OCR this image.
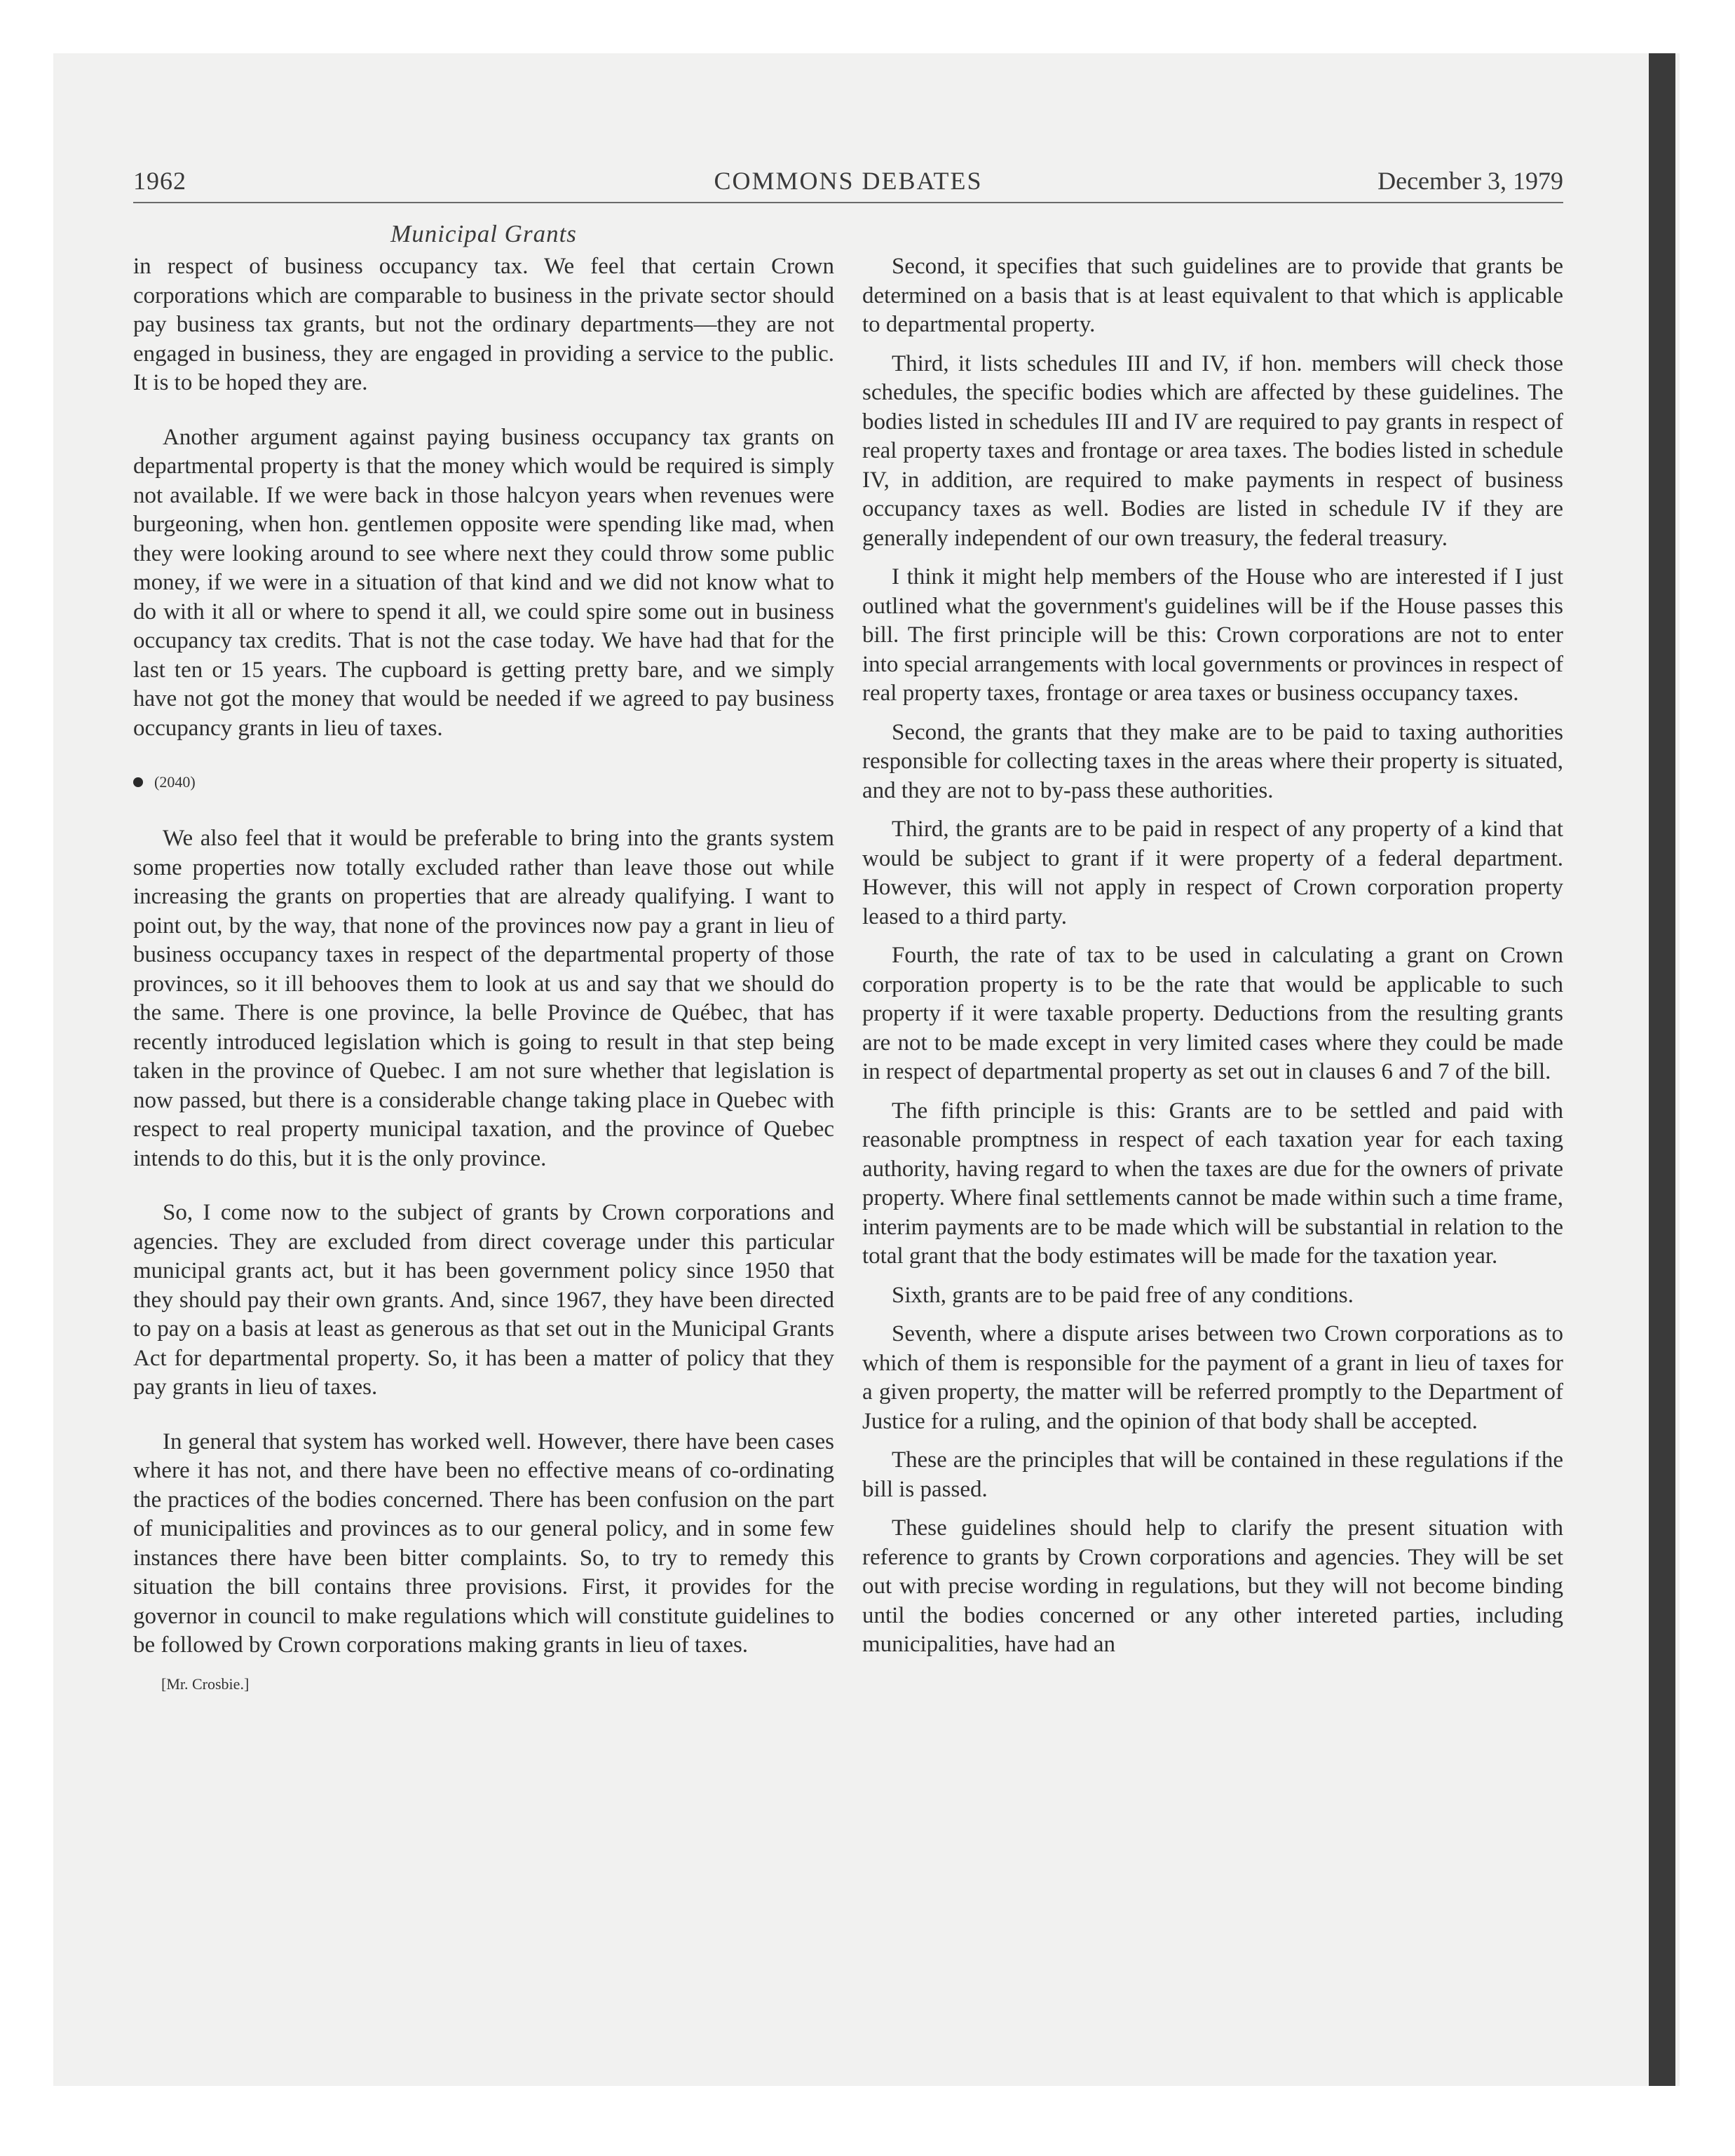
1962	COMMONS DEBATES	December 3, 1979
Municipal Grants

in respect of business occupancy tax. We feel that certain Crown corporations which are comparable to business in the private sector should pay business tax grants, but not the ordinary departments—they are not engaged in business, they are engaged in providing a service to the public. It is to be hoped they are.

Another argument against paying business occupancy tax grants on departmental property is that the money which would be required is simply not available. If we were back in those halcyon years when revenues were burgeoning, when hon. gentlemen opposite were spending like mad, when they were looking around to see where next they could throw some public money, if we were in a situation of that kind and we did not know what to do with it all or where to spend it all, we could spire some out in business occupancy tax credits. That is not the case today. We have had that for the last ten or 15 years. The cupboard is getting pretty bare, and we simply have not got the money that would be needed if we agreed to pay business occupancy grants in lieu of taxes.

(2040)

We also feel that it would be preferable to bring into the grants system some properties now totally excluded rather than leave those out while increasing the grants on properties that are already qualifying. I want to point out, by the way, that none of the provinces now pay a grant in lieu of business occupancy taxes in respect of the departmental property of those provinces, so it ill behooves them to look at us and say that we should do the same. There is one province, la belle Province de Québec, that has recently introduced legislation which is going to result in that step being taken in the province of Quebec. I am not sure whether that legislation is now passed, but there is a considerable change taking place in Quebec with respect to real property municipal taxation, and the province of Quebec intends to do this, but it is the only province.

So, I come now to the subject of grants by Crown corporations and agencies. They are excluded from direct coverage under this particular municipal grants act, but it has been government policy since 1950 that they should pay their own grants. And, since 1967, they have been directed to pay on a basis at least as generous as that set out in the Municipal Grants Act for departmental property. So, it has been a matter of policy that they pay grants in lieu of taxes.

In general that system has worked well. However, there have been cases where it has not, and there have been no effective means of co-ordinating the practices of the bodies concerned. There has been confusion on the part of municipalities and provinces as to our general policy, and in some few instances there have been bitter complaints. So, to try to remedy this situation the bill contains three provisions. First, it provides for the governor in council to make regulations which will constitute guidelines to be followed by Crown corporations making grants in lieu of taxes.

[Mr. Crosbie.]

Second, it specifies that such guidelines are to provide that grants be determined on a basis that is at least equivalent to that which is applicable to departmental property.

Third, it lists schedules III and IV, if hon. members will check those schedules, the specific bodies which are affected by these guidelines. The bodies listed in schedules III and IV are required to pay grants in respect of real property taxes and frontage or area taxes. The bodies listed in schedule IV, in addition, are required to make payments in respect of business occupancy taxes as well. Bodies are listed in schedule IV if they are generally independent of our own treasury, the federal treasury.

I think it might help members of the House who are interested if I just outlined what the government's guidelines will be if the House passes this bill. The first principle will be this: Crown corporations are not to enter into special arrangements with local governments or provinces in respect of real property taxes, frontage or area taxes or business occupancy taxes.

Second, the grants that they make are to be paid to taxing authorities responsible for collecting taxes in the areas where their property is situated, and they are not to by-pass these authorities.

Third, the grants are to be paid in respect of any property of a kind that would be subject to grant if it were property of a federal department. However, this will not apply in respect of Crown corporation property leased to a third party.

Fourth, the rate of tax to be used in calculating a grant on Crown corporation property is to be the rate that would be applicable to such property if it were taxable property. Deductions from the resulting grants are not to be made except in very limited cases where they could be made in respect of departmental property as set out in clauses 6 and 7 of the bill.

The fifth principle is this: Grants are to be settled and paid with reasonable promptness in respect of each taxation year for each taxing authority, having regard to when the taxes are due for the owners of private property. Where final settlements cannot be made within such a time frame, interim payments are to be made which will be substantial in relation to the total grant that the body estimates will be made for the taxation year.

Sixth, grants are to be paid free of any conditions.

Seventh, where a dispute arises between two Crown corporations as to which of them is responsible for the payment of a grant in lieu of taxes for a given property, the matter will be referred promptly to the Department of Justice for a ruling, and the opinion of that body shall be accepted.

These are the principles that will be contained in these regulations if the bill is passed.

These guidelines should help to clarify the present situation with reference to grants by Crown corporations and agencies. They will be set out with precise wording in regulations, but they will not become binding until the bodies concerned or any other intereted parties, including municipalities, have had an
